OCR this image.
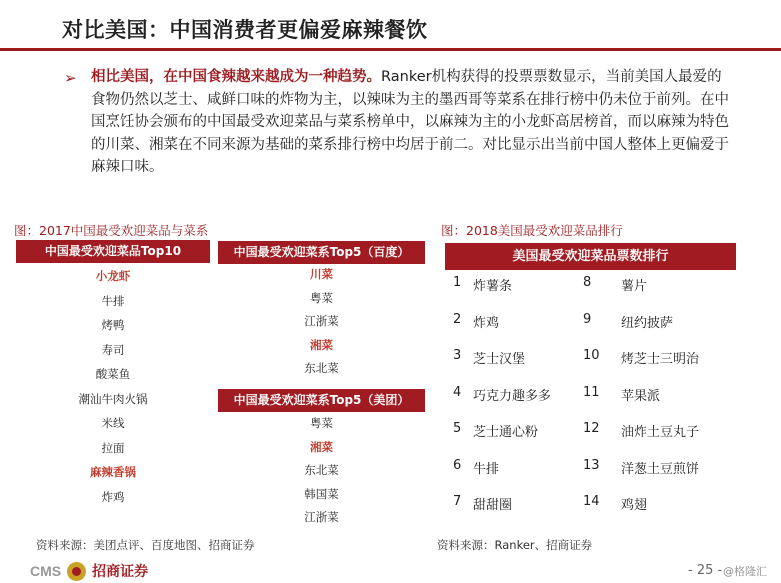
对比美国：中国消费者更偏爱麻辣餐饮
➢ 相比美国，在中国食辣越来越成为一种趋势。Ranker机构获得的投票票数显示，当前美国人最爱的食物仍然以芝士、咸鲜口味的炸物为主，以辣味为主的墨西哥等菜系在排行榜中仍未位于前列。在中国烹饪协会颁布的中国最受欢迎菜品与菜系榜单中，以麻辣为主的小龙虾高居榜首，而以麻辣为特色的川菜、湘菜在不同来源为基础的菜系排行榜中均居于前二。对比显示出当前中国人整体上更偏爱于麻辣口味。
图：2017中国最受欢迎菜品与菜系	图：2018美国最受欢迎菜品排行
中国最受欢迎菜品Top10
小龙虾
牛排
烤鸭
寿司
酸菜鱼
潮汕牛肉火锅
米线
拉面
麻辣香锅
炸鸡
中国最受欢迎菜系Top5（百度）
川菜
粤菜
江浙菜
湘菜
东北菜
中国最受欢迎菜系Top5（美团）
粤菜
湘菜
东北菜
韩国菜
江浙菜
美国最受欢迎菜品票数排行
1 炸薯条	8 薯片
2 炸鸡	9 纽约披萨
3 芝士汉堡	10 烤芝士三明治
4 巧克力趣多多 11 苹果派
5 芝士通心粉	12 油炸土豆丸子
6 牛排	13 洋葱土豆煎饼
7 甜甜圈	14 鸡翅
资料来源：美团点评、百度地图、招商证券	资料来源：Ranker、招商证券
CMS 招商证券	- 25 - @格隆汇
